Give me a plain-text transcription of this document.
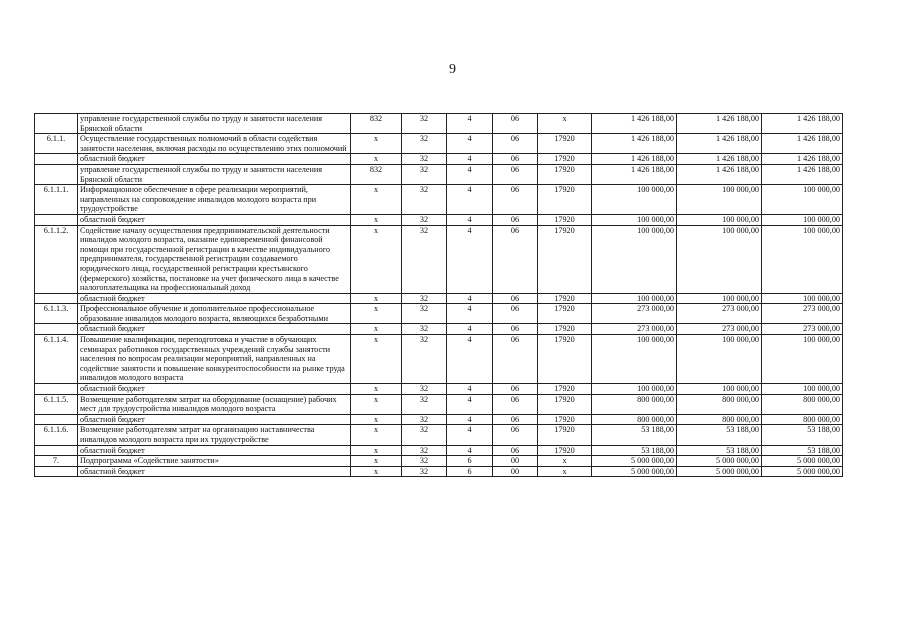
9
	управление государственной службы по труду и занятости населения Брянской области	832	32	4	06	х	1 426 188,00	1 426 188,00	1 426 188,00
6.1.1.	Осуществление государственных полномочий в области содействия занятости населения, включая расходы по осуществлению этих полномочий	х	32	4	06	17920	1 426 188,00	1 426 188,00	1 426 188,00
	областной бюджет	х	32	4	06	17920	1 426 188,00	1 426 188,00	1 426 188,00
	управление государственной службы по труду и занятости населения Брянской области	832	32	4	06	17920	1 426 188,00	1 426 188,00	1 426 188,00
6.1.1.1.	Информационное обеспечение в сфере реализации мероприятий, направленных на сопровождение инвалидов молодого возраста при трудоустройстве	х	32	4	06	17920	100 000,00	100 000,00	100 000,00
	областной бюджет	х	32	4	06	17920	100 000,00	100 000,00	100 000,00
6.1.1.2.	Содействие началу осуществления предпринимательской деятельности инвалидов молодого возраста, оказание единовременной финансовой помощи при государственной регистрации в качестве индивидуального предпринимателя, государственной регистрации создаваемого юридического лица, государственной регистрации крестьянского (фермерского) хозяйства, постановке на учет физического лица в качестве налогоплательщика на профессиональный доход	х	32	4	06	17920	100 000,00	100 000,00	100 000,00
	областной бюджет	х	32	4	06	17920	100 000,00	100 000,00	100 000,00
6.1.1.3.	Профессиональное обучение и дополнительное профессиональное образование инвалидов молодого возраста, являющихся безработными	х	32	4	06	17920	273 000,00	273 000,00	273 000,00
	областной бюджет	х	32	4	06	17920	273 000,00	273 000,00	273 000,00
6.1.1.4.	Повышение квалификации, переподготовка и участие в обучающих семинарах работников государственных учреждений службы занятости населения по вопросам реализации мероприятий, направленных на содействие занятости и повышение конкурентоспособности на рынке труда инвалидов молодого возраста	х	32	4	06	17920	100 000,00	100 000,00	100 000,00
	областной бюджет	х	32	4	06	17920	100 000,00	100 000,00	100 000,00
6.1.1.5.	Возмещение работодателям затрат на оборудование (оснащение) рабочих мест для трудоустройства инвалидов молодого возраста	х	32	4	06	17920	800 000,00	800 000,00	800 000,00
	областной бюджет	х	32	4	06	17920	800 000,00	800 000,00	800 000,00
6.1.1.6.	Возмещение работодателям затрат на организацию наставничества инвалидов молодого возраста при их трудоустройстве	х	32	4	06	17920	53 188,00	53 188,00	53 188,00
	областной бюджет	х	32	4	06	17920	53 188,00	53 188,00	53 188,00
7.	Подпрограмма «Содействие занятости»	х	32	6	00	х	5 000 000,00	5 000 000,00	5 000 000,00
	областной бюджет	х	32	6	00	х	5 000 000,00	5 000 000,00	5 000 000,00
